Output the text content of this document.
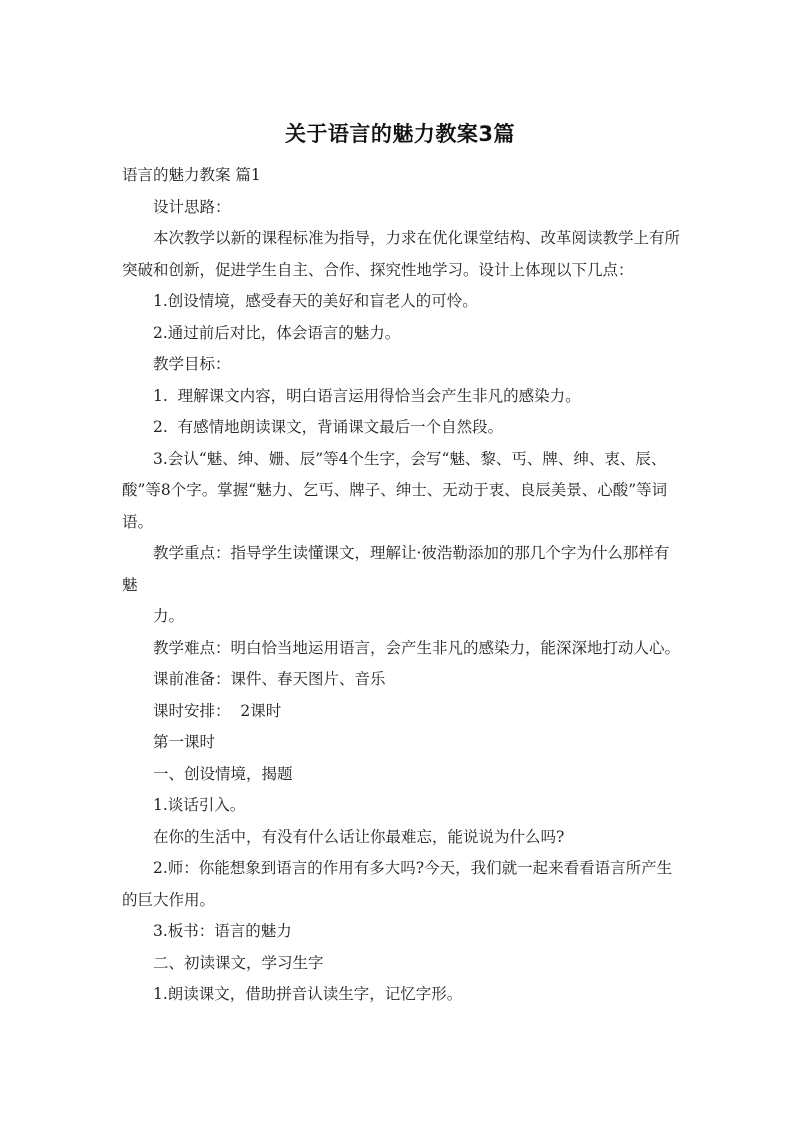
关于语言的魅力教案3篇

语言的魅力教案 篇1

设计思路：

本次教学以新的课程标准为指导，力求在优化课堂结构、改革阅读教学上有所突破和创新，促进学生自主、合作、探究性地学习。设计上体现以下几点：

1.创设情境，感受春天的美好和盲老人的可怜。

2.通过前后对比，体会语言的魅力。

教学目标：

1.  理解课文内容，明白语言运用得恰当会产生非凡的感染力。

2.  有感情地朗读课文，背诵课文最后一个自然段。

3.会认“魅、绅、姗、辰”等4个生字，会写“魅、黎、丐、牌、绅、衷、辰、酸”等8个字。掌握“魅力、乞丐、牌子、绅士、无动于衷、良辰美景、心酸”等词语。

教学重点：指导学生读懂课文，理解让·彼浩勒添加的那几个字为什么那样有魅

力。

教学难点：明白恰当地运用语言，会产生非凡的感染力，能深深地打动人心。

课前准备：课件、春天图片、音乐

课时安排：  2课时

第一课时

一、创设情境，揭题

1.谈话引入。

在你的生活中，有没有什么话让你最难忘，能说说为什么吗?

2.师：你能想象到语言的作用有多大吗?今天，我们就一起来看看语言所产生的巨大作用。

3.板书：语言的魅力

二、初读课文，学习生字

1.朗读课文，借助拼音认读生字，记忆字形。
